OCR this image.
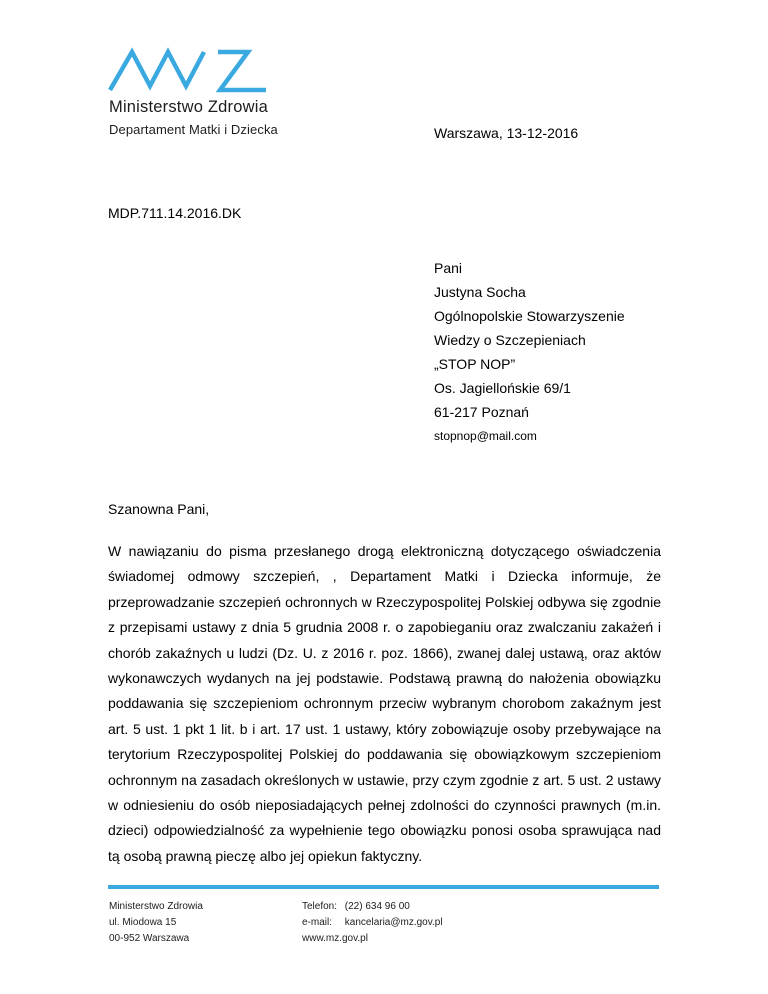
Ministerstwo Zdrowia
Departament Matki i Dziecka	Warszawa, 13-12-2016
MDP.711.14.2016.DK
Pani
Justyna Socha
Ogólnopolskie Stowarzyszenie
Wiedzy o Szczepieniach
„STOP NOP”
Os. Jagiellońskie 69/1
61-217 Poznań
stopnop@mail.com
Szanowna Pani,

W nawiązaniu do pisma przesłanego drogą elektroniczną dotyczącego oświadczenia świadomej odmowy szczepień, , Departament Matki i Dziecka informuje, że przeprowadzanie szczepień ochronnych w Rzeczypospolitej Polskiej odbywa się zgodnie z przepisami ustawy z dnia 5 grudnia 2008 r. o zapobieganiu oraz zwalczaniu zakażeń i chorób zakaźnych u ludzi (Dz. U. z 2016 r. poz. 1866), zwanej dalej ustawą, oraz aktów wykonawczych wydanych na jej podstawie. Podstawą prawną do nałożenia obowiązku poddawania się szczepieniom ochronnym przeciw wybranym chorobom zakaźnym jest art. 5 ust. 1 pkt 1 lit. b i art. 17 ust. 1 ustawy, który zobowiązuje osoby przebywające na terytorium Rzeczypospolitej Polskiej do poddawania się obowiązkowym szczepieniom ochronnym na zasadach określonych w ustawie, przy czym zgodnie z art. 5 ust. 2 ustawy w odniesieniu do osób nieposiadających pełnej zdolności do czynności prawnych (m.in. dzieci) odpowiedzialność za wypełnienie tego obowiązku ponosi osoba sprawująca nad tą osobą prawną pieczę albo jej opiekun faktyczny.

Ministerstwo Zdrowia
ul. Miodowa 15
00-952 Warszawa
Telefon: (22) 634 96 00
e-mail: kancelaria@mz.gov.pl
www.mz.gov.pl
